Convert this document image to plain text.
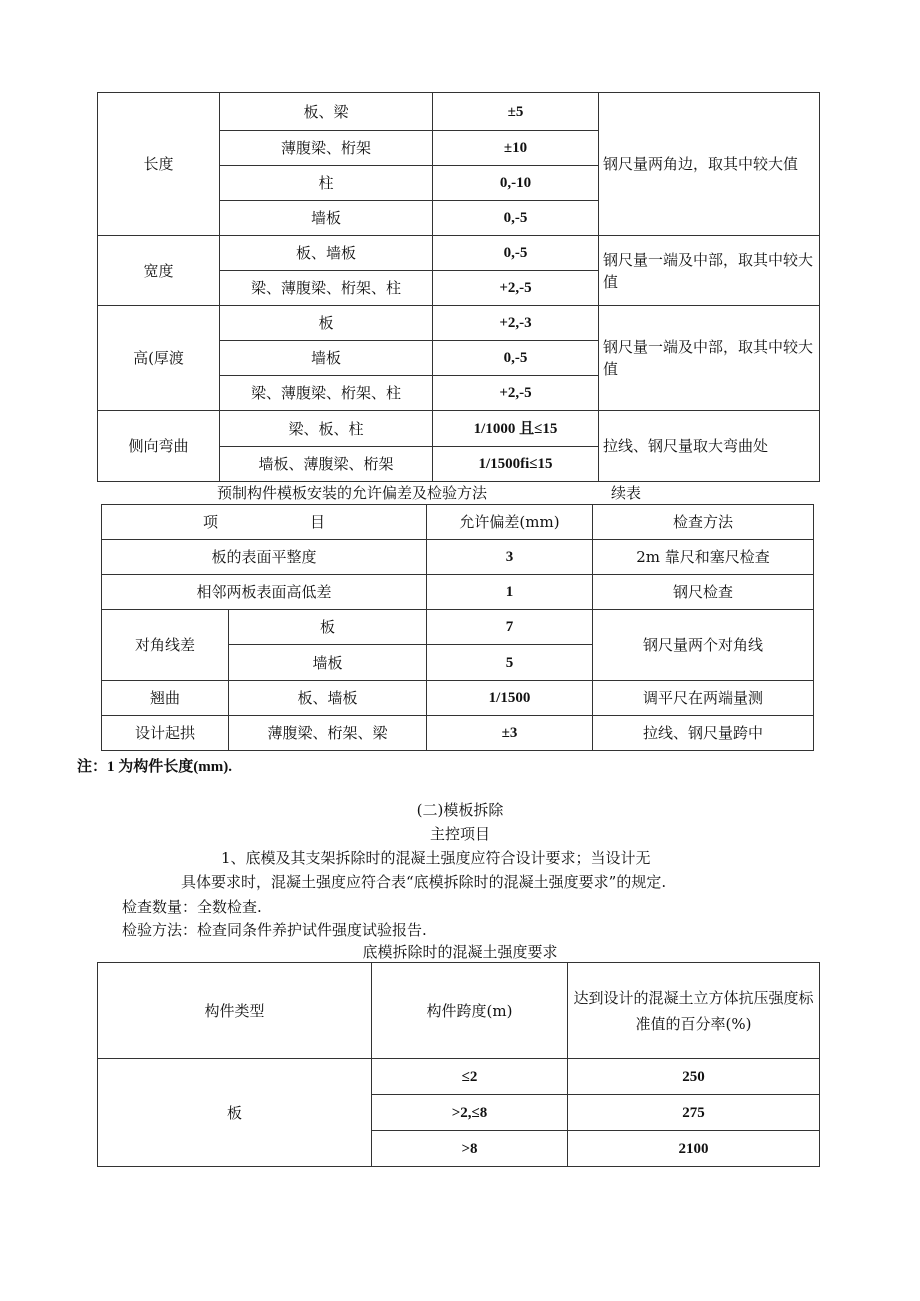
长度	板、梁	±5	钢尺量两角边，取其中较大值
	薄腹梁、桁架	±10	
	柱	0,-10	
	墙板	0,-5	
宽度	板、墙板	0,-5	钢尺量一端及中部，取其中较大值
	梁、薄腹梁、桁架、柱	+2,-5	
高(厚渡	板	+2,-3	钢尺量一端及中部，取其中较大值
	墙板	0,-5	
	梁、薄腹梁、桁架、柱	+2,-5	
侧向弯曲	梁、板、柱	1/1000 且≤15	拉线、钢尺量取大弯曲处
	墙板、薄腹梁、桁架	1/1500fi≤15	
预制构件模板安装的允许偏差及检验方法	续表
项 目		允许偏差(mm)	检查方法
板的表面平整度		3	2m 靠尺和塞尺检查
相邻两板表面高低差		1	钢尺检查
对角线差	板	7	钢尺量两个对角线
	墙板	5	
翘曲	板、墙板	1/1500	调平尺在两端量测
设计起拱	薄腹梁、桁架、梁	±3	拉线、钢尺量跨中
注：1 为构件长度(mm).
(二)模板拆除
主控项目
1、底模及其支架拆除时的混凝土强度应符合设计要求；当设计无
具体要求时，混凝土强度应符合表“底模拆除时的混凝土强度要求”的规定.
检查数量：全数检查.
检验方法：检查同条件养护试件强度试验报告.
底模拆除时的混凝土强度要求
构件类型	构件跨度(m)	达到设计的混凝土立方体抗压强度标准值的百分率(%)
板	≤2	250
	>2,≤8	275
	>8	2100
